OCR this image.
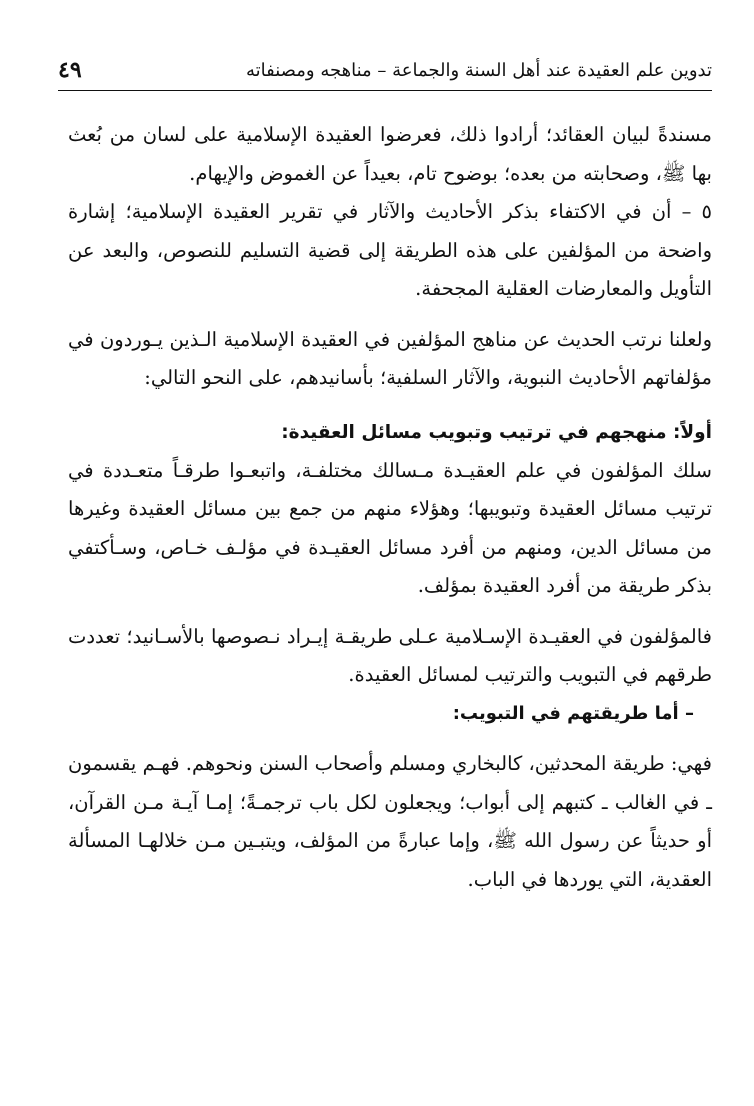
تدوين علم العقيدة عند أهل السنة والجماعة – مناهجه ومصنفاته
٤٩

مسندةً لبيان العقائد؛ أرادوا ذلك، فعرضوا العقيدة الإسلامية على لسان من بُعث بها ﷺ، وصحابته من بعده؛ بوضوح تام، بعيداً عن الغموض والإيهام.

٥ – أن في الاكتفاء بذكر الأحاديث والآثار في تقرير العقيدة الإسلامية؛ إشارة واضحة من المؤلفين على هذه الطريقة إلى قضية التسليم للنصوص، والبعد عن التأويل والمعارضات العقلية المجحفة.

ولعلنا نرتب الحديث عن مناهج المؤلفين في العقيدة الإسلامية الـذين يـوردون في مؤلفاتهم الأحاديث النبوية، والآثار السلفية؛ بأسانيدهم، على النحو التالي:

أولاً: منهجهم في ترتيب وتبويب مسائل العقيدة:

سلك المؤلفون في علم العقيـدة مـسالك مختلفـة، واتبعـوا طرقـاً متعـددة في ترتيب مسائل العقيدة وتبويبها؛ وهؤلاء منهم من جمع بين مسائل العقيدة وغيرها من مسائل الدين، ومنهم من أفرد مسائل العقيـدة في مؤلـف خـاص، وسـأكتفي بذكر طريقة من أفرد العقيدة بمؤلف.

فالمؤلفون في العقيـدة الإسـلامية عـلى طريقـة إيـراد نـصوصها بالأسـانيد؛ تعددت طرقهم في التبويب والترتيب لمسائل العقيدة.

– أما طريقتهم في التبويب:

فهي: طريقة المحدثين، كالبخاري ومسلم وأصحاب السنن ونحوهم. فهـم يقسمون ـ في الغالب ـ كتبهم إلى أبواب؛ ويجعلون لكل باب ترجمـةً؛ إمـا آيـة مـن القرآن، أو حديثاً عن رسول الله ﷺ، وإما عبارةً من المؤلف، ويتبـين مـن خلالهـا المسألة العقدية، التي يوردها في الباب.
